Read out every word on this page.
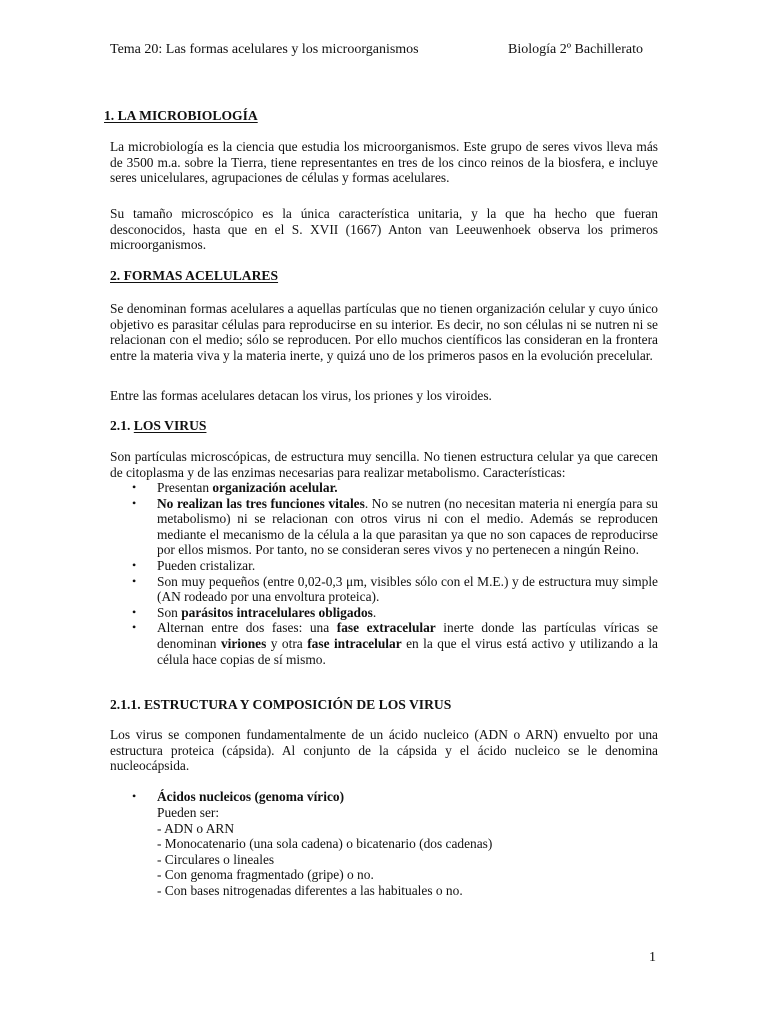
Tema 20: Las formas acelulares y los microorganismos	Biología 2º Bachillerato
1. LA MICROBIOLOGÍA

La microbiología es la ciencia que estudia los microorganismos. Este grupo de seres vivos lleva más de 3500 m.a. sobre la Tierra, tiene representantes en tres de los cinco reinos de la biosfera, e incluye seres unicelulares, agrupaciones de células y formas acelulares.

Su tamaño microscópico es la única característica unitaria, y la que ha hecho que fueran desconocidos, hasta que en el S. XVII (1667) Anton van Leeuwenhoek observa los primeros microorganismos.

2. FORMAS ACELULARES

Se denominan formas acelulares a aquellas partículas que no tienen organización celular y cuyo único objetivo es parasitar células para reproducirse en su interior. Es decir, no son células ni se nutren ni se relacionan con el medio; sólo se reproducen. Por ello muchos científicos las consideran en la frontera entre la materia viva y la materia inerte, y quizá uno de los primeros pasos en la evolución precelular.

Entre las formas acelulares detacan los virus, los priones y los viroides.

2.1. LOS VIRUS

Son partículas microscópicas, de estructura muy sencilla. No tienen estructura celular ya que carecen de citoplasma y de las enzimas necesarias para realizar metabolismo. Características:

• Presentan organización acelular.
• No realizan las tres funciones vitales. No se nutren (no necesitan materia ni energía para su metabolismo) ni se relacionan con otros virus ni con el medio. Además se reproducen mediante el mecanismo de la célula a la que parasitan ya que no son capaces de reproducirse por ellos mismos. Por tanto, no se consideran seres vivos y no pertenecen a ningún Reino.
• Pueden cristalizar.
• Son muy pequeños (entre 0,02-0,3 μm, visibles sólo con el M.E.) y de estructura muy simple (AN rodeado por una envoltura proteica).
• Son parásitos intracelulares obligados.
• Alternan entre dos fases: una fase extracelular inerte donde las partículas víricas se denominan viriones y otra fase intracelular en la que el virus está activo y utilizando a la célula hace copias de sí mismo.
2.1.1. ESTRUCTURA Y COMPOSICIÓN DE LOS VIRUS

Los virus se componen fundamentalmente de un ácido nucleico (ADN o ARN) envuelto por una estructura proteica (cápsida). Al conjunto de la cápsida y el ácido nucleico se le denomina nucleocápsida.

• Ácidos nucleicos (genoma vírico)
Pueden ser:
- ADN o ARN
- Monocatenario (una sola cadena) o bicatenario (dos cadenas)
- Circulares o lineales
- Con genoma fragmentado (gripe) o no.
- Con bases nitrogenadas diferentes a las habituales o no.
1
